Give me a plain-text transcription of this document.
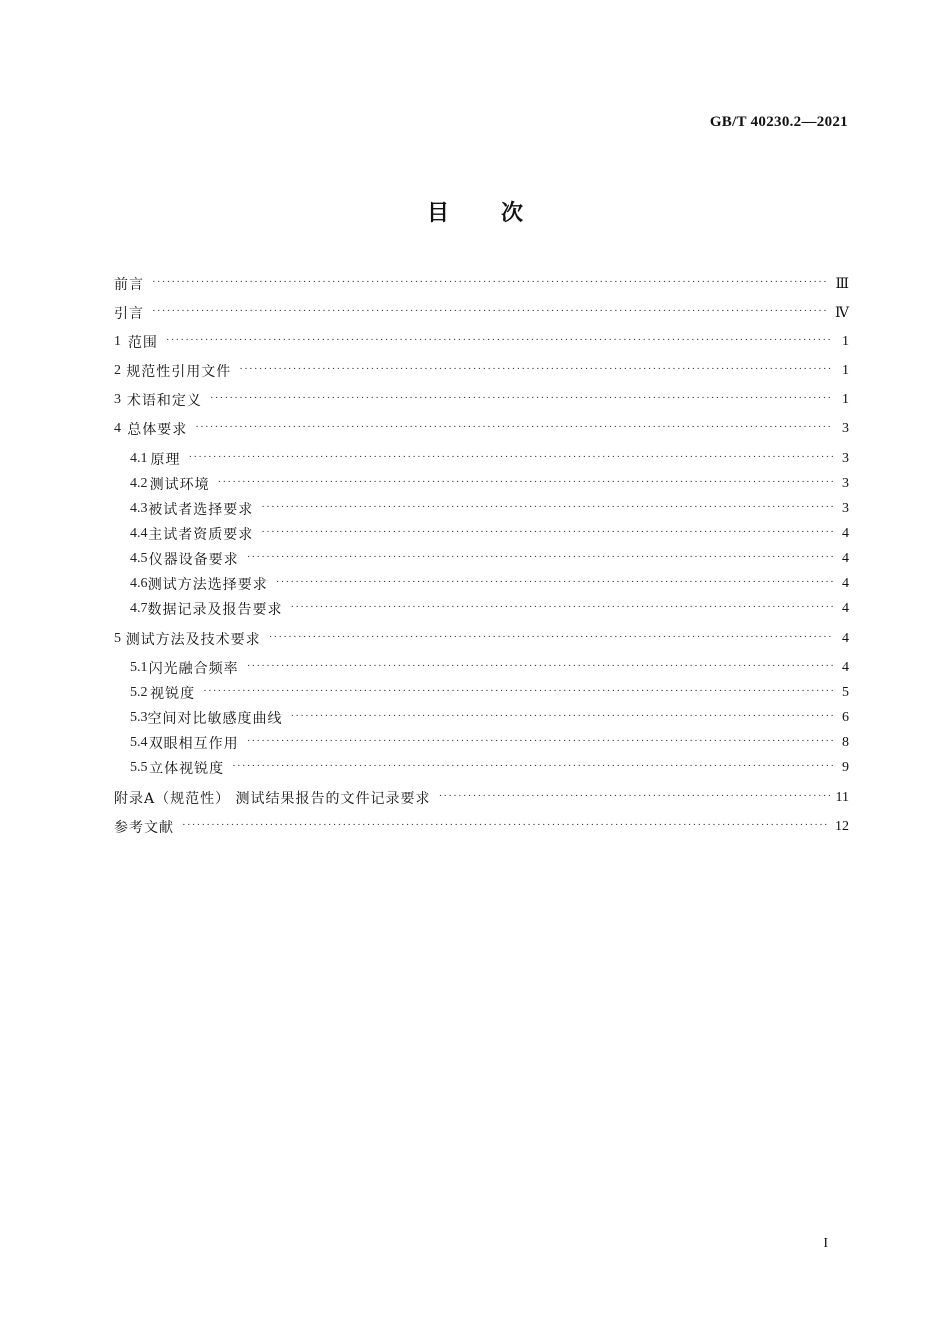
GB/T 40230.2—2021
目次
前言 ·····	Ⅲ
引言 ·····	Ⅳ
1 范围 ·····	1
2 规范性引用文件 ·····	1
3 术语和定义 ·····	1
4 总体要求 ·····	3
4.1 原理 ·····	3
4.2 测试环境 ·····	3
4.3 被试者选择要求 ·····	3
4.4 主试者资质要求 ·····	4
4.5 仪器设备要求 ·····	4
4.6 测试方法选择要求 ·····	4
4.7 数据记录及报告要求 ·····	4
5 测试方法及技术要求 ·····	4
5.1 闪光融合频率 ·····	4
5.2 视锐度 ·····	5
5.3 空间对比敏感度曲线 ·····	6
5.4 双眼相互作用 ·····	8
5.5 立体视锐度 ·····	9
附录A（规范性） 测试结果报告的文件记录要求 ·····	11
参考文献 ·····	12
I
